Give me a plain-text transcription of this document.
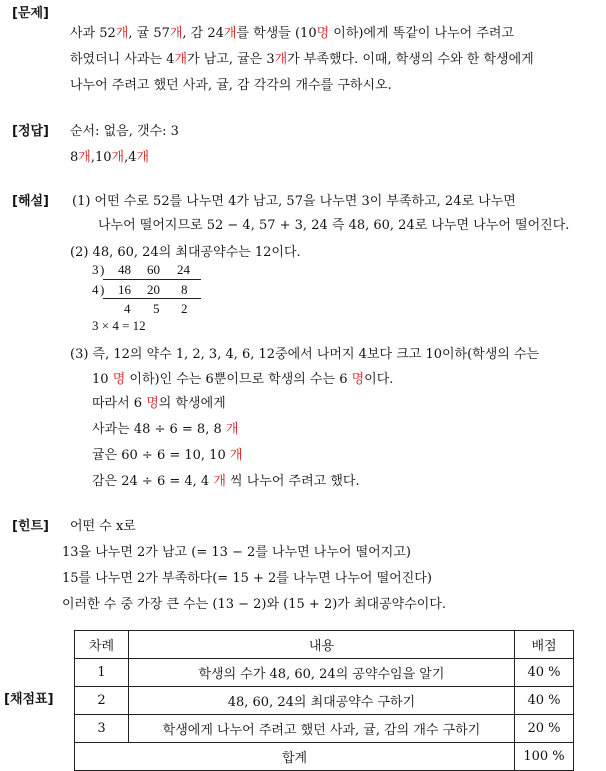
[문제]
사과 52개, 귤 57개, 감 24개를 학생들 (10명 이하)에게 똑같이 나누어 주려고
하였더니 사과는 4개가 남고, 귤은 3개가 부족했다. 이때, 학생의 수와 한 학생에게
나누어 주려고 했던 사과, 귤, 감 각각의 개수를 구하시오.
[정답] 순서: 없음, 갯수: 3
8개,10개,4개
[해설] (1) 어떤 수로 52를 나누면 4가 남고, 57을 나누면 3이 부족하고, 24로 나누면
나누어 떨어지므로 52 − 4, 57 + 3, 24 즉 48, 60, 24로 나누면 나누어 떨어진다.
(2) 48, 60, 24의 최대공약수는 12이다.
3 ) 48 60 24
4 ) 16 20 8
4 5 2
3 × 4 = 12
(3) 즉, 12의 약수 1, 2, 3, 4, 6, 12중에서 나머지 4보다 크고 10이하(학생의 수는
10 명 이하)인 수는 6뿐이므로 학생의 수는 6 명이다.
따라서 6 명의 학생에게
사과는 48 ÷ 6 = 8, 8 개
귤은 60 ÷ 6 = 10, 10 개
감은 24 ÷ 6 = 4, 4 개 씩 나누어 주려고 했다.
[힌트] 어떤 수 x로
13을 나누면 2가 남고 (= 13 − 2를 나누면 나누어 떨어지고)
15를 나누면 2가 부족하다(= 15 + 2를 나누면 나누어 떨어진다)
이러한 수 중 가장 큰 수는 (13 − 2)와 (15 + 2)가 최대공약수이다.
[채점표]
차례	내용	배점
1	학생의 수가 48, 60, 24의 공약수임을 알기	40 %
2	48, 60, 24의 최대공약수 구하기	40 %
3	학생에게 나누어 주려고 했던 사과, 귤, 감의 개수 구하기	20 %
합계		100 %
